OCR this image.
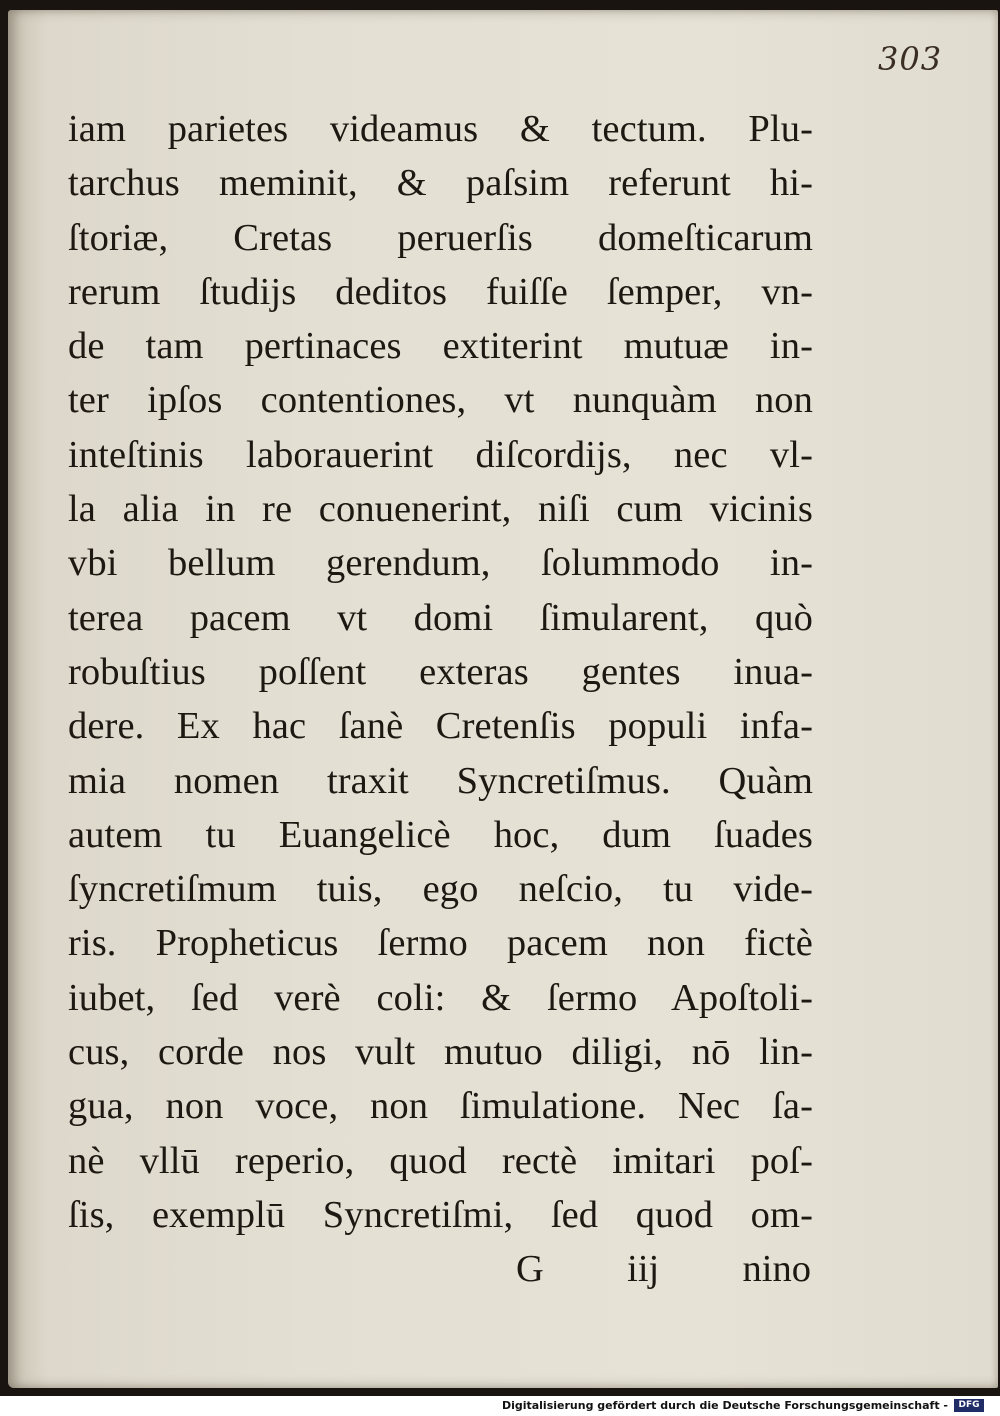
303
iam parietes videamus & tectum. Plu-
tarchus meminit, & paſsim referunt hi-
ſtoriæ, Cretas peruerſis domeſticarum
rerum ſtudijs deditos fuiſſe ſemper, vn-
de tam pertinaces extiterint mutuæ in-
ter ipſos contentiones, vt nunquàm non
inteſtinis laborauerint diſcordijs, nec vl-
la alia in re conuenerint, niſi cum vicinis
vbi bellum gerendum, ſolummodo in-
terea pacem vt domi ſimularent, quò
robuſtius poſſent exteras gentes inua-
dere. Ex hac ſanè Cretenſis populi infa-
mia nomen traxit Syncretiſmus. Quàm
autem tu Euangelicè hoc, dum ſuades
ſyncretiſmum tuis, ego neſcio, tu vide-
ris. Propheticus ſermo pacem non fictè
iubet, ſed verè coli: & ſermo Apoſtoli-
cus, corde nos vult mutuo diligi, nō lin-
gua, non voce, non ſimulatione. Nec ſa-
nè vllū reperio, quod rectè imitari poſ-
ſis, exemplū Syncretiſmi, ſed quod om-
G iij nino
Digitalisierung gefördert durch die Deutsche Forschungsgemeinschaft -	DFG
